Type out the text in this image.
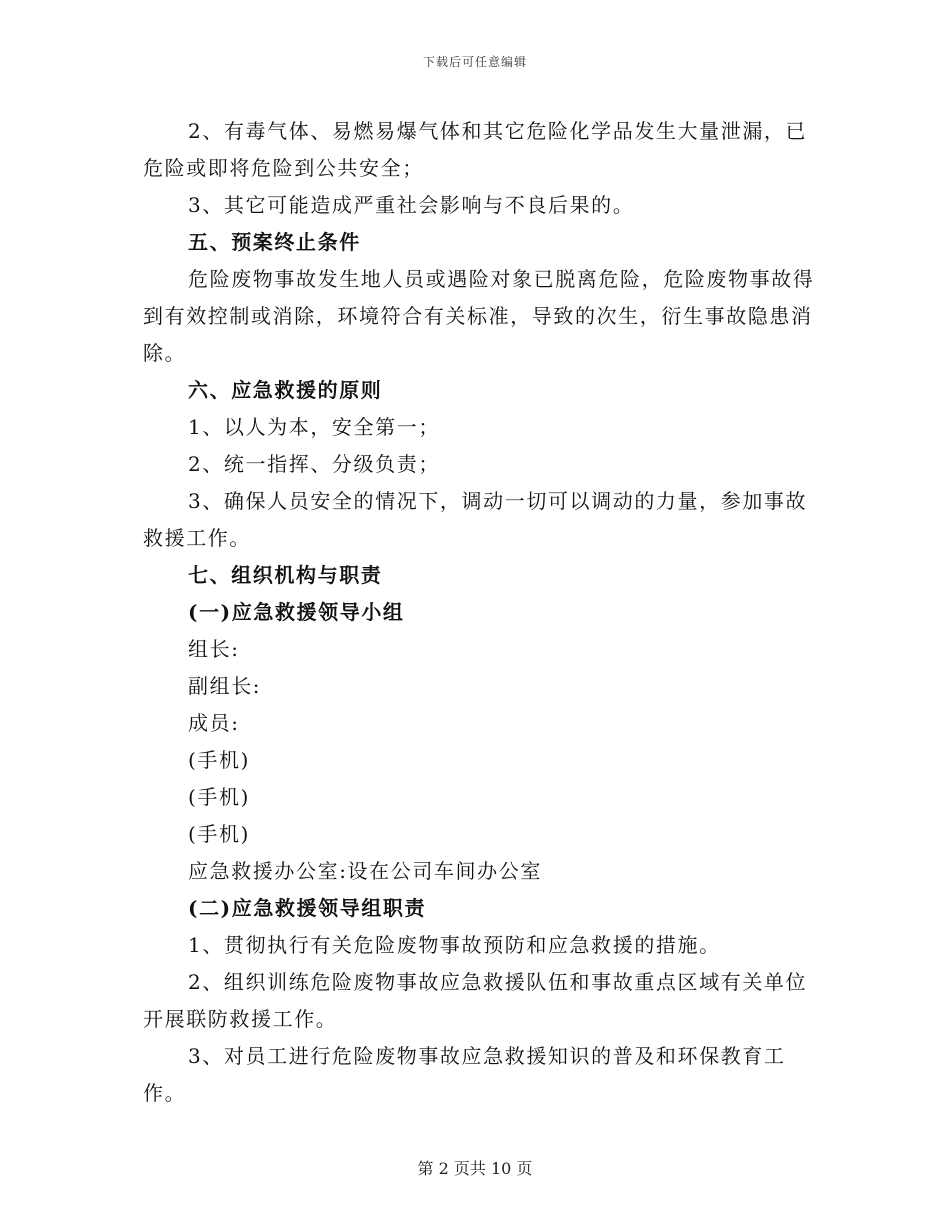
下载后可任意编辑

2、有毒气体、易燃易爆气体和其它危险化学品发生大量泄漏，已危险或即将危险到公共安全；

3、其它可能造成严重社会影响与不良后果的。

五、预案终止条件

危险废物事故发生地人员或遇险对象已脱离危险，危险废物事故得到有效控制或消除，环境符合有关标准，导致的次生，衍生事故隐患消除。

六、应急救援的原则

1、以人为本，安全第一；

2、统一指挥、分级负责；

3、确保人员安全的情况下，调动一切可以调动的力量，参加事故救援工作。

七、组织机构与职责

(一)应急救援领导小组

组长:

副组长:

成员:

(手机)

(手机)

(手机)

应急救援办公室:设在公司车间办公室

(二)应急救援领导组职责

1、贯彻执行有关危险废物事故预防和应急救援的措施。

2、组织训练危险废物事故应急救援队伍和事故重点区域有关单位开展联防救援工作。

3、对员工进行危险废物事故应急救援知识的普及和环保教育工作。

第 2 页共 10 页
